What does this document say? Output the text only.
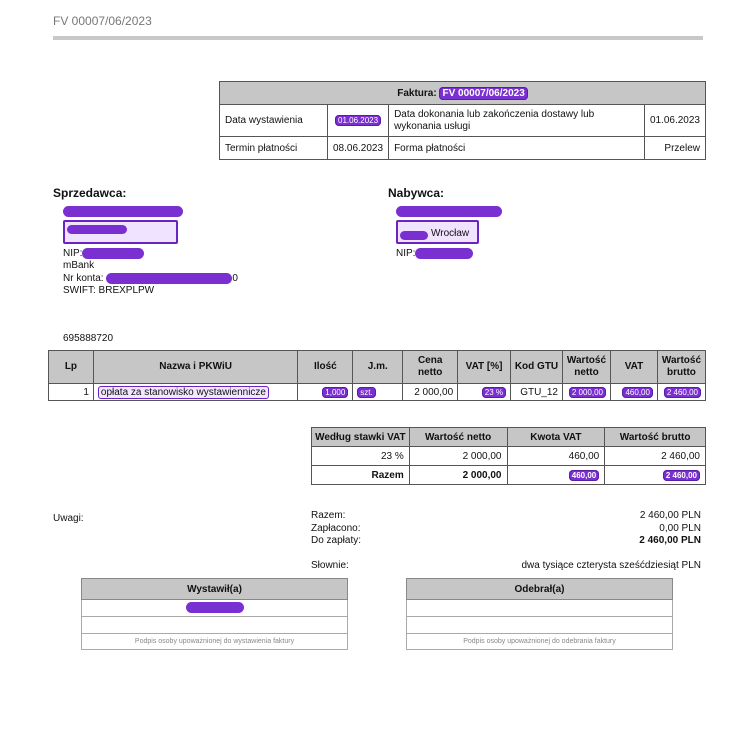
FV 00007/06/2023
Faktura: FV 00007/06/2023			
Data wystawienia	01.06.2023	Data dokonania lub zakończenia dostawy lub wykonania usługi	01.06.2023
Termin płatności	08.06.2023	Forma płatności	Przelew
Sprzedawca:
NIP:
mBank
Nr konta:	0
SWIFT: BREXPLPW
Nabywca:
Wrocław
NIP:
695888720
Lp	Nazwa i PKWiU	Ilość	J.m.	Cena netto	VAT [%]	Kod GTU	Wartość netto	VAT	Wartość brutto
1	opłata za stanowisko wystawiennicze	1,000	szt.	2 000,00	23 %	GTU_12	2 000,00	460,00	2 460,00
Według stawki VAT	Wartość netto	Kwota VAT	Wartość brutto
23 %	2 000,00	460,00	2 460,00
Razem	2 000,00	460,00	2 460,00
Uwagi:	Razem:	2 460,00 PLN
Zapłacono:	0,00 PLN
Do zapłaty:	2 460,00 PLN
Słownie:	dwa tysiące czterysta sześćdziesiąt PLN
Wystawił(a)

Podpis osoby upoważnionej do wystawienia faktury
Odebrał(a)

Podpis osoby upoważnionej do odebrania faktury
